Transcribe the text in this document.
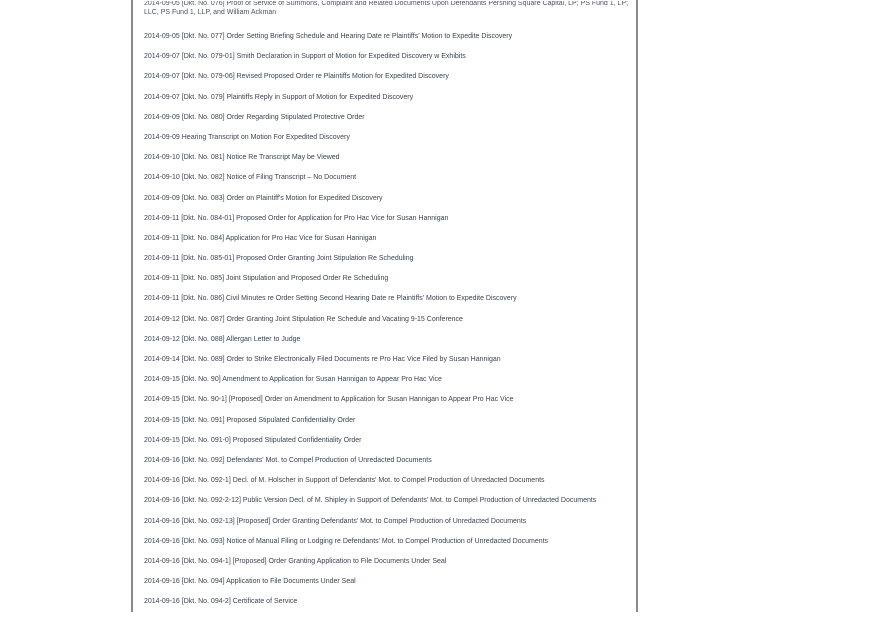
2014-09-05 [Dkt. No. 076] Proof of Service of Summons, Complaint and Related Documents Upon Defendants Pershing Square Capital, LP; PS Fund 1, LP;
LLC, PS Fund 1, LLP, and William Ackman
2014-09-05 [Dkt. No. 077] Order Setting Briefing Schedule and Hearing Date re Plaintiffs' Motion to Expedite Discovery
2014-09-07 [Dkt. No. 079-01] Smith Declaration in Support of Motion for Expedited Discovery w Exhibits
2014-09-07 [Dkt. No. 079-06] Revised Proposed Order re Plaintiffs Motion for Expedited Discovery
2014-09-07 [Dkt. No. 079] Plaintiffs Reply in Support of Motion for Expedited Discovery
2014-09-09 [Dkt. No. 080] Order Regarding Stipulated Protective Order
2014-09-09 Hearing Transcript on Motion For Expedited Discovery
2014-09-10 [Dkt. No. 081] Notice Re Transcript May be Viewed
2014-09-10 [Dkt. No. 082] Notice of Filing Transcript – No Document
2014-09-09 [Dkt. No. 083] Order on Plaintiff's Motion for Expedited Discovery
2014-09-11 [Dkt. No. 084-01] Proposed Order for Application for Pro Hac Vice for Susan Hannigan
2014-09-11 [Dkt. No. 084] Application for Pro Hac Vice for Susan Hannigan
2014-09-11 [Dkt. No. 085-01] Proposed Order Granting Joint Stipulation Re Scheduling
2014-09-11 [Dkt. No. 085] Joint Stipulation and Proposed Order Re Scheduling
2014-09-11 [Dkt. No. 086] Civil Minutes re Order Setting Second Hearing Date re Plaintiffs' Motion to Expedite Discovery
2014-09-12 [Dkt. No. 087] Order Granting Joint Stipulation Re Schedule and Vacating 9-15 Conference
2014-09-12 [Dkt. No. 088] Allergan Letter to Judge
2014-09-14 [Dkt. No. 089] Order to Strike Electronically Filed Documents re Pro Hac Vice Filed by Susan Hannigan
2014-09-15 [Dkt. No. 90] Amendment to Application for Susan Hannigan to Appear Pro Hac Vice
2014-09-15 [Dkt. No. 90-1] [Proposed] Order on Amendment to Application for Susan Hannigan to Appear Pro Hac Vice
2014-09-15 [Dkt. No. 091] Proposed Stipulated Confidentiality Order
2014-09-15 [Dkt. No. 091-0] Proposed Stipulated Confidentiality Order
2014-09-16 [Dkt. No. 092] Defendants' Mot. to Compel Production of Unredacted Documents
2014-09-16 [Dkt. No. 092-1] Decl. of M. Holscher in Support of Defendants' Mot. to Compel Production of Unredacted Documents
2014-09-16 [Dkt. No. 092-2-12] Public Version Decl. of M. Shipley in Support of Defendants' Mot. to Compel Production of Unredacted Documents
2014-09-16 [Dkt. No. 092-13] [Proposed] Order Granting Defendants' Mot. to Compel Production of Unredacted Documents
2014-09-16 [Dkt. No. 093] Notice of Manual Filing or Lodging re Defendants' Mot. to Compel Production of Unredacted Documents
2014-09-16 [Dkt. No. 094-1] [Proposed] Order Granting Application to File Documents Under Seal
2014-09-16 [Dkt. No. 094] Application to File Documents Under Seal
2014-09-16 [Dkt. No. 094-2] Certificate of Service
